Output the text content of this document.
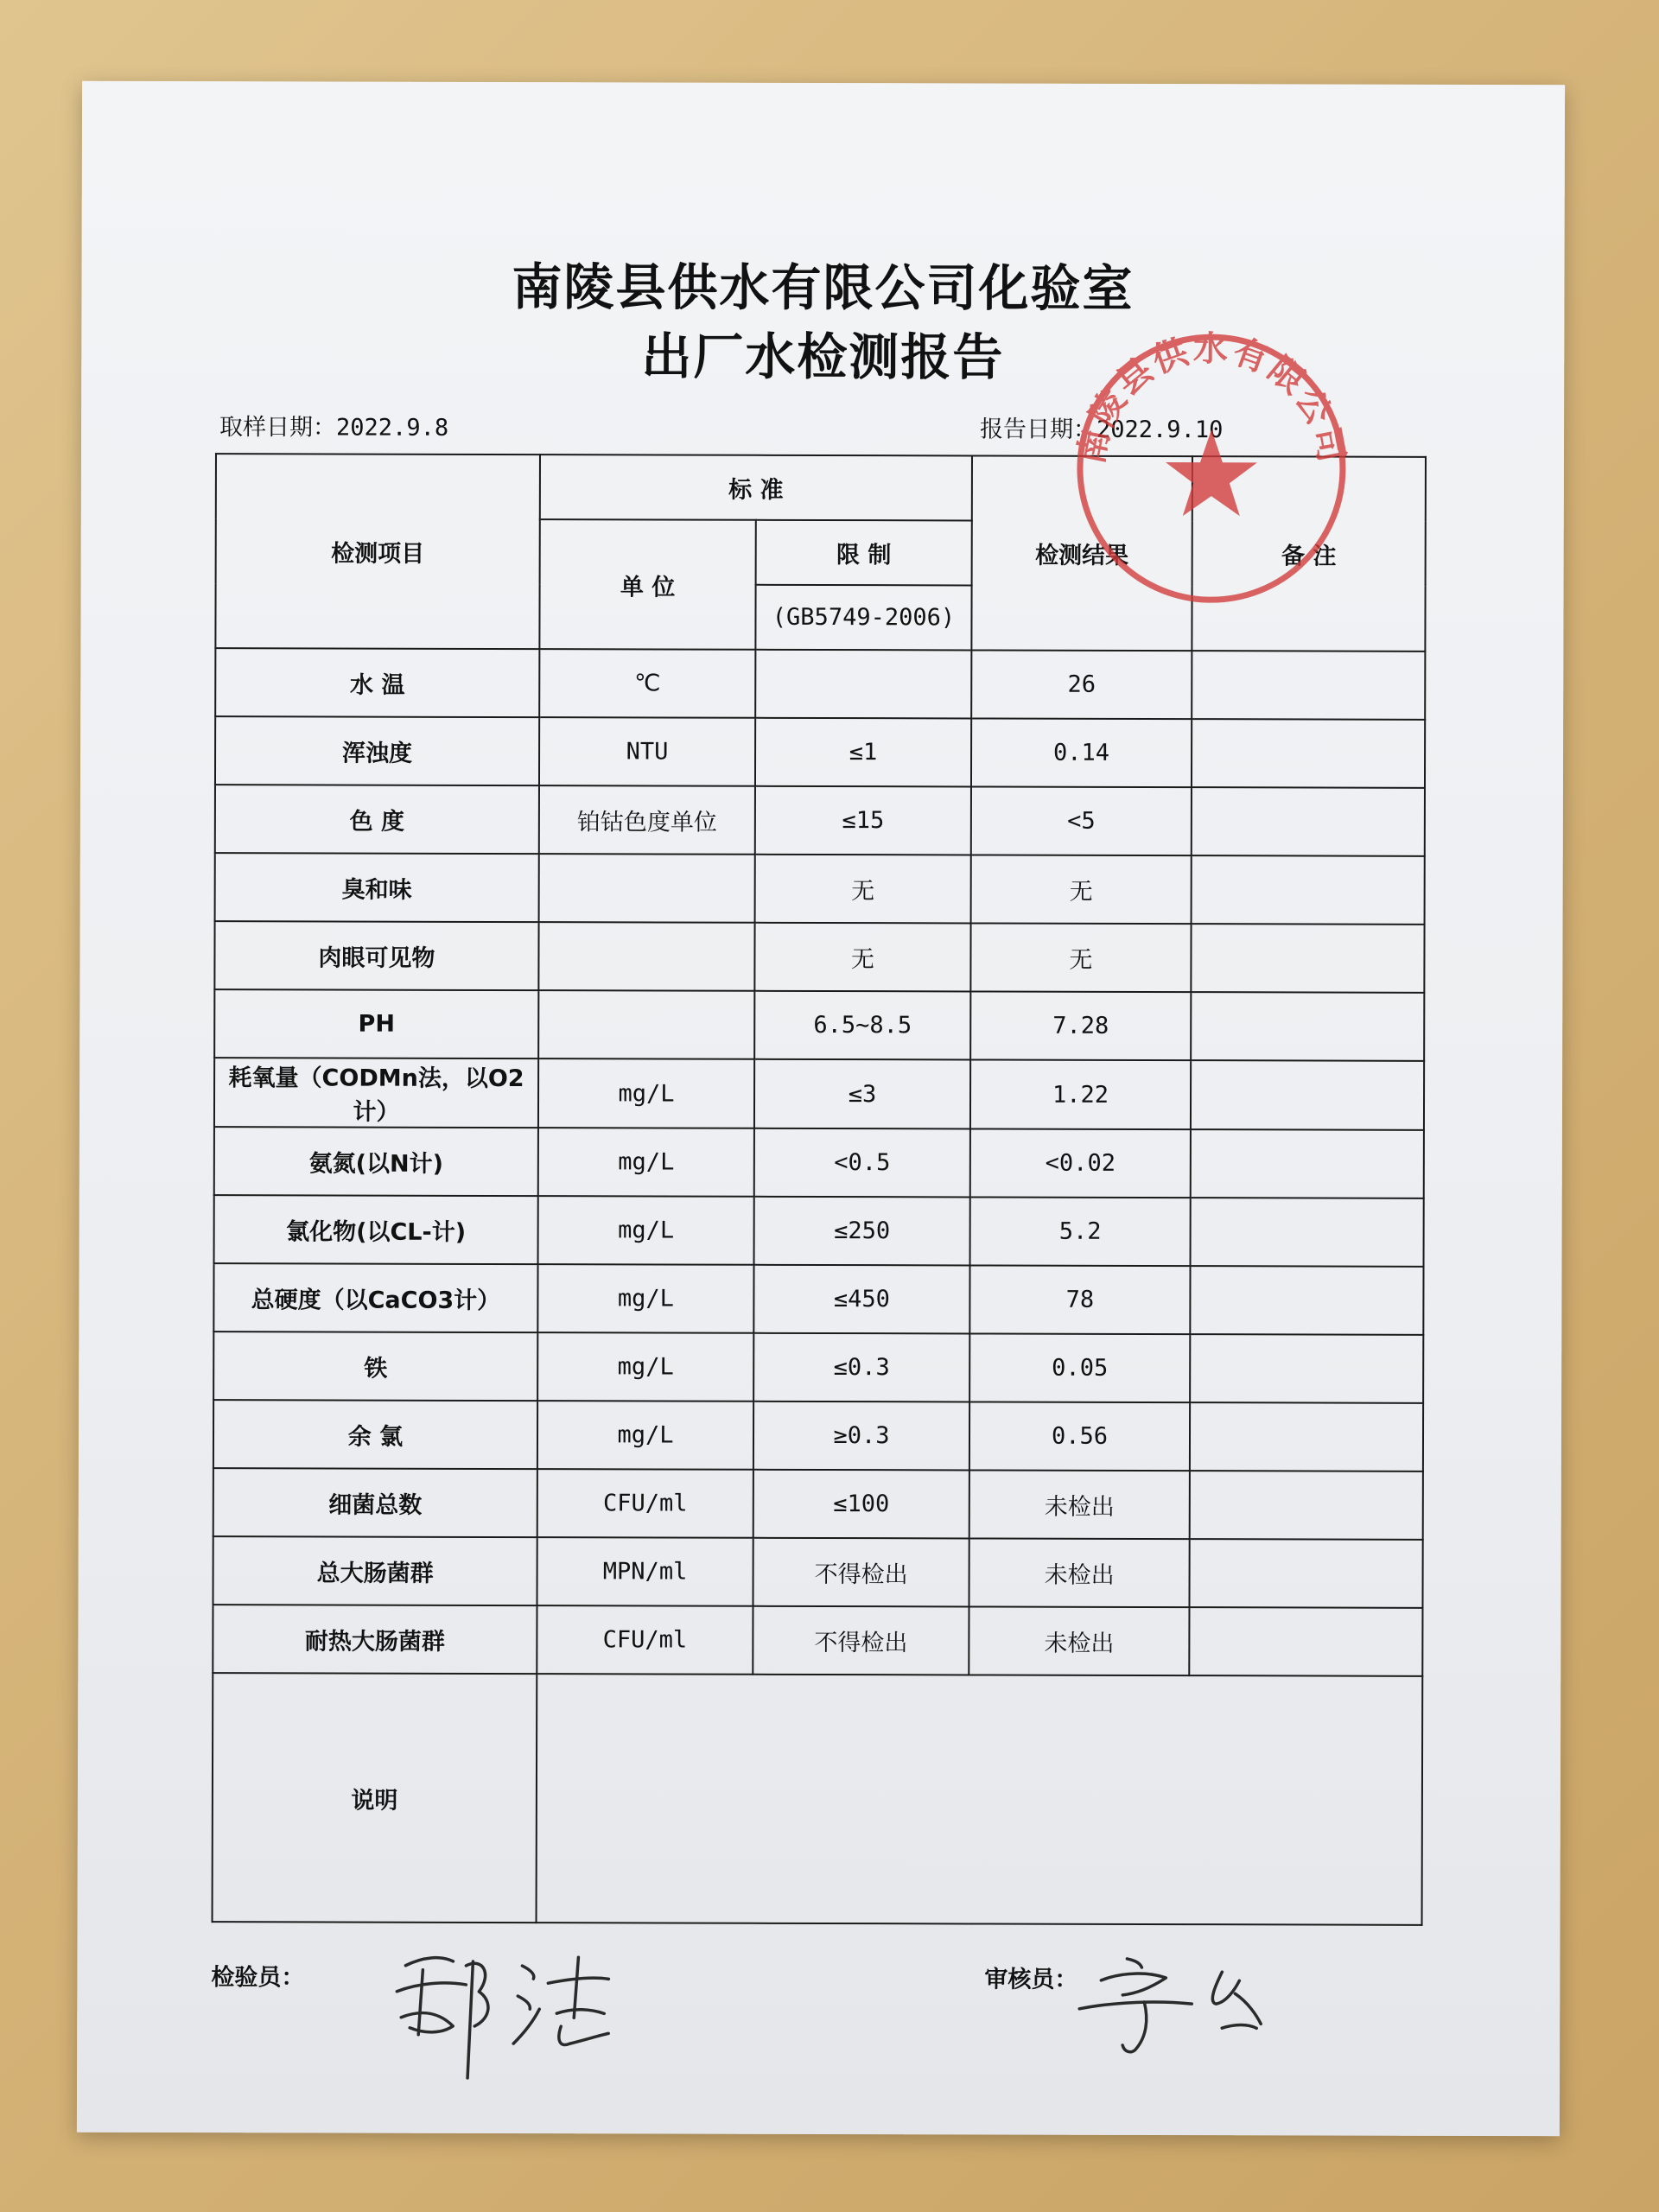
南陵县供水有限公司化验室
出厂水检测报告
取样日期：2022.9.8	报告日期：2022.9.10
检测项目	标 准		检测结果	备 注
	单 位	限 制		
		(GB5749-2006)		
水 温	℃		26	
浑浊度	NTU	≤1	0.14	
色 度	铂钴色度单位	≤15	<5	
臭和味		无	无	
肉眼可见物		无	无	
PH		6.5~8.5	7.28	
耗氧量（CODMn法，以O2计）	mg/L	≤3	1.22	
氨氮(以N计)	mg/L	<0.5	<0.02	
氯化物(以CL-计)	mg/L	≤250	5.2	
总硬度（以CaCO3计）	mg/L	≤450	78	
铁	mg/L	≤0.3	0.05	
余 氯	mg/L	≥0.3	0.56	
细菌总数	CFU/ml	≤100	未检出	
总大肠菌群	MPN/ml	不得检出	未检出	
耐热大肠菌群	CFU/ml	不得检出	未检出	
说明				
检验员：	审核员：
南陵县供水有限公司
